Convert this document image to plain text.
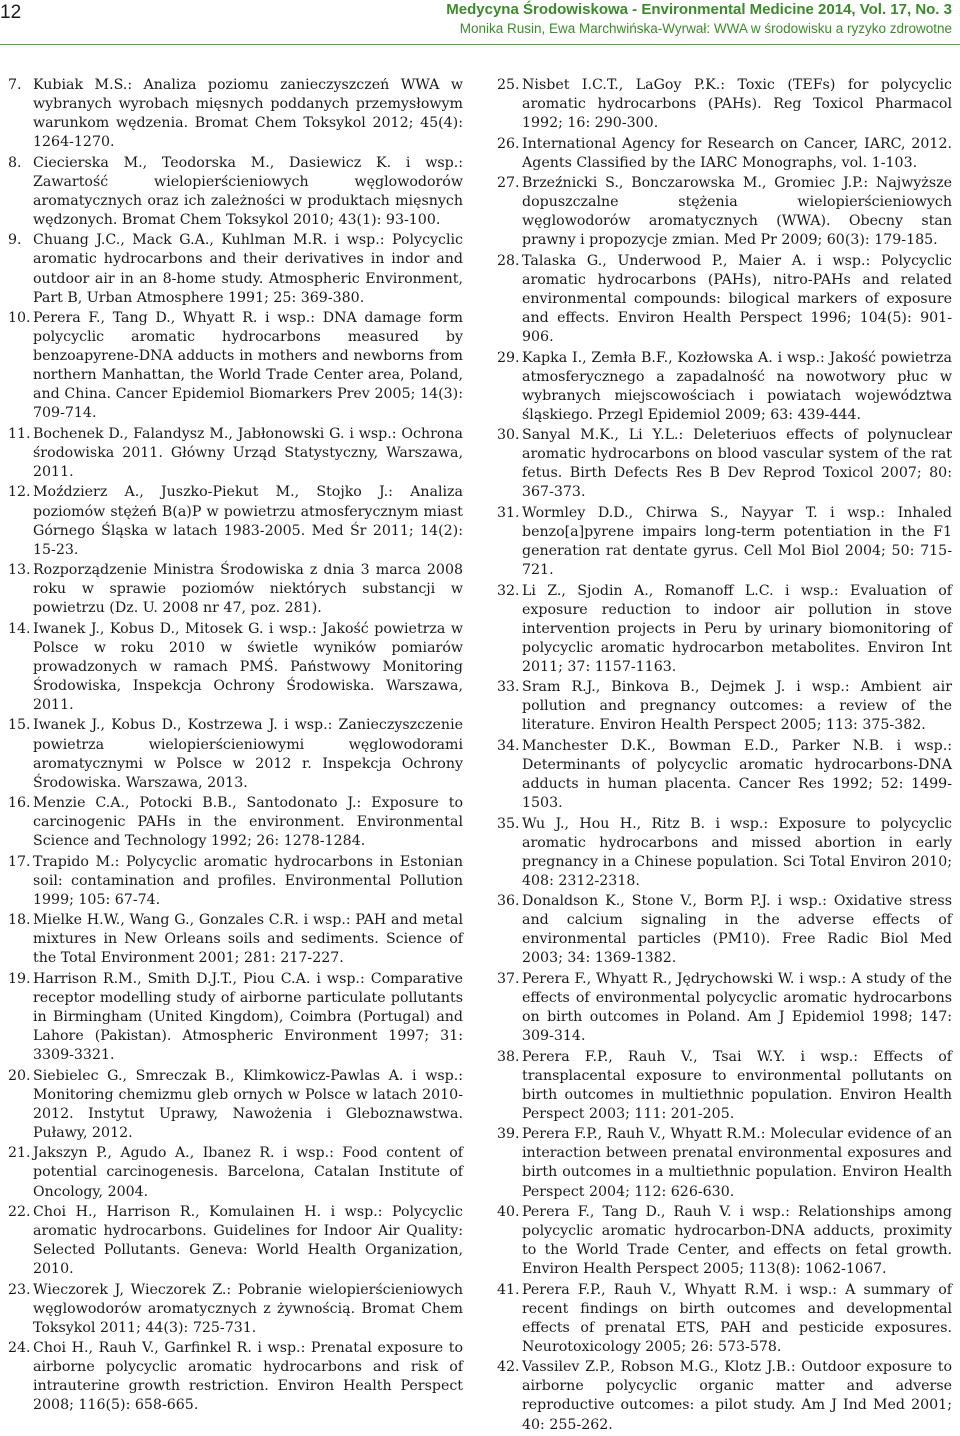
12	Medycyna Środowiskowa - Environmental Medicine 2014, Vol. 17, No. 3
Monika Rusin, Ewa Marchwińska-Wyrwał: WWA w środowisku a ryzyko zdrowotne
7. Kubiak M.S.: Analiza poziomu zanieczyszczeń WWA w wybranych wyrobach mięsnych poddanych przemysłowym warunkom wędzenia. Bromat Chem Toksykol 2012; 45(4): 1264-1270.
8. Ciecierska M., Teodorska M., Dasiewicz K. i wsp.: Zawartość wielopierścieniowych węglowodorów aromatycznych oraz ich zależności w produktach mięsnych wędzonych. Bromat Chem Toksykol 2010; 43(1): 93-100.
9. Chuang J.C., Mack G.A., Kuhlman M.R. i wsp.: Polycyclic aromatic hydrocarbons and their derivatives in indor and outdoor air in an 8-home study. Atmospheric Environment, Part B, Urban Atmosphere 1991; 25: 369-380.
10. Perera F., Tang D., Whyatt R. i wsp.: DNA damage form polycyclic aromatic hydrocarbons measured by benzoapyrene-DNA adducts in mothers and newborns from northern Manhattan, the World Trade Center area, Poland, and China. Cancer Epidemiol Biomarkers Prev 2005; 14(3): 709-714.
11. Bochenek D., Falandysz M., Jabłonowski G. i wsp.: Ochrona środowiska 2011. Główny Urząd Statystyczny, Warszawa, 2011.
12. Moździerz A., Juszko-Piekut M., Stojko J.: Analiza poziomów stężeń B(a)P w powietrzu atmosferycznym miast Górnego Śląska w latach 1983-2005. Med Śr 2011; 14(2): 15-23.
13. Rozporządzenie Ministra Środowiska z dnia 3 marca 2008 roku w sprawie poziomów niektórych substancji w powietrzu (Dz. U. 2008 nr 47, poz. 281).
14. Iwanek J., Kobus D., Mitosek G. i wsp.: Jakość powietrza w Polsce w roku 2010 w świetle wyników pomiarów prowadzonych w ramach PMŚ. Państwowy Monitoring Środowiska, Inspekcja Ochrony Środowiska. Warszawa, 2011.
15. Iwanek J., Kobus D., Kostrzewa J. i wsp.: Zanieczyszczenie powietrza wielopierścieniowymi węglowodorami aromatycznymi w Polsce w 2012 r. Inspekcja Ochrony Środowiska. Warszawa, 2013.
16. Menzie C.A., Potocki B.B., Santodonato J.: Exposure to carcinogenic PAHs in the environment. Environmental Science and Technology 1992; 26: 1278-1284.
17. Trapido M.: Polycyclic aromatic hydrocarbons in Estonian soil: contamination and profiles. Environmental Pollution 1999; 105: 67-74.
18. Mielke H.W., Wang G., Gonzales C.R. i wsp.: PAH and metal mixtures in New Orleans soils and sediments. Science of the Total Environment 2001; 281: 217-227.
19. Harrison R.M., Smith D.J.T., Piou C.A. i wsp.: Comparative receptor modelling study of airborne particulate pollutants in Birmingham (United Kingdom), Coimbra (Portugal) and Lahore (Pakistan). Atmospheric Environment 1997; 31: 3309-3321.
20. Siebielec G., Smreczak B., Klimkowicz-Pawlas A. i wsp.: Monitoring chemizmu gleb ornych w Polsce w latach 2010-2012. Instytut Uprawy, Nawożenia i Gleboznawstwa. Puławy, 2012.
21. Jakszyn P., Agudo A., Ibanez R. i wsp.: Food content of potential carcinogenesis. Barcelona, Catalan Institute of Oncology, 2004.
22. Choi H., Harrison R., Komulainen H. i wsp.: Polycyclic aromatic hydrocarbons. Guidelines for Indoor Air Quality: Selected Pollutants. Geneva: World Health Organization, 2010.
23. Wieczorek J, Wieczorek Z.: Pobranie wielopierścieniowych węglowodorów aromatycznych z żywnością. Bromat Chem Toksykol 2011; 44(3): 725-731.
24. Choi H., Rauh V., Garfinkel R. i wsp.: Prenatal exposure to airborne polycyclic aromatic hydrocarbons and risk of intrauterine growth restriction. Environ Health Perspect 2008; 116(5): 658-665.
25. Nisbet I.C.T., LaGoy P.K.: Toxic (TEFs) for polycyclic aromatic hydrocarbons (PAHs). Reg Toxicol Pharmacol 1992; 16: 290-300.
26. International Agency for Research on Cancer, IARC, 2012. Agents Classified by the IARC Monographs, vol. 1-103.
27. Brzeźnicki S., Bonczarowska M., Gromiec J.P.: Najwyższe dopuszczalne stężenia wielopierścieniowych węglowodorów aromatycznych (WWA). Obecny stan prawny i propozycje zmian. Med Pr 2009; 60(3): 179-185.
28. Talaska G., Underwood P., Maier A. i wsp.: Polycyclic aromatic hydrocarbons (PAHs), nitro-PAHs and related environmental compounds: bilogical markers of exposure and effects. Environ Health Perspect 1996; 104(5): 901-906.
29. Kapka I., Zemła B.F., Kozłowska A. i wsp.: Jakość powietrza atmosferycznego a zapadalność na nowotwory płuc w wybranych miejscowościach i powiatach województwa śląskiego. Przegl Epidemiol 2009; 63: 439-444.
30. Sanyal M.K., Li Y.L.: Deleteriuos effects of polynuclear aromatic hydrocarbons on blood vascular system of the rat fetus. Birth Defects Res B Dev Reprod Toxicol 2007; 80: 367-373.
31. Wormley D.D., Chirwa S., Nayyar T. i wsp.: Inhaled benzo[a]pyrene impairs long-term potentiation in the F1 generation rat dentate gyrus. Cell Mol Biol 2004; 50: 715-721.
32. Li Z., Sjodin A., Romanoff L.C. i wsp.: Evaluation of exposure reduction to indoor air pollution in stove intervention projects in Peru by urinary biomonitoring of polycyclic aromatic hydrocarbon metabolites. Environ Int 2011; 37: 1157-1163.
33. Sram R.J., Binkova B., Dejmek J. i wsp.: Ambient air pollution and pregnancy outcomes: a review of the literature. Environ Health Perspect 2005; 113: 375-382.
34. Manchester D.K., Bowman E.D., Parker N.B. i wsp.: Determinants of polycyclic aromatic hydrocarbons-DNA adducts in human placenta. Cancer Res 1992; 52: 1499-1503.
35. Wu J., Hou H., Ritz B. i wsp.: Exposure to polycyclic aromatic hydrocarbons and missed abortion in early pregnancy in a Chinese population. Sci Total Environ 2010; 408: 2312-2318.
36. Donaldson K., Stone V., Borm P.J. i wsp.: Oxidative stress and calcium signaling in the adverse effects of environmental particles (PM10). Free Radic Biol Med 2003; 34: 1369-1382.
37. Perera F., Whyatt R., Jędrychowski W. i wsp.: A study of the effects of environmental polycyclic aromatic hydrocarbons on birth outcomes in Poland. Am J Epidemiol 1998; 147: 309-314.
38. Perera F.P., Rauh V., Tsai W.Y. i wsp.: Effects of transplacental exposure to environmental pollutants on birth outcomes in multiethnic population. Environ Health Perspect 2003; 111: 201-205.
39. Perera F.P., Rauh V., Whyatt R.M.: Molecular evidence of an interaction between prenatal environmental exposures and birth outcomes in a multiethnic population. Environ Health Perspect 2004; 112: 626-630.
40. Perera F., Tang D., Rauh V. i wsp.: Relationships among polycyclic aromatic hydrocarbon-DNA adducts, proximity to the World Trade Center, and effects on fetal growth. Environ Health Perspect 2005; 113(8): 1062-1067.
41. Perera F.P., Rauh V., Whyatt R.M. i wsp.: A summary of recent findings on birth outcomes and developmental effects of prenatal ETS, PAH and pesticide exposures. Neurotoxicology 2005; 26: 573-578.
42. Vassilev Z.P., Robson M.G., Klotz J.B.: Outdoor exposure to airborne polycyclic organic matter and adverse reproductive outcomes: a pilot study. Am J Ind Med 2001; 40: 255-262.
